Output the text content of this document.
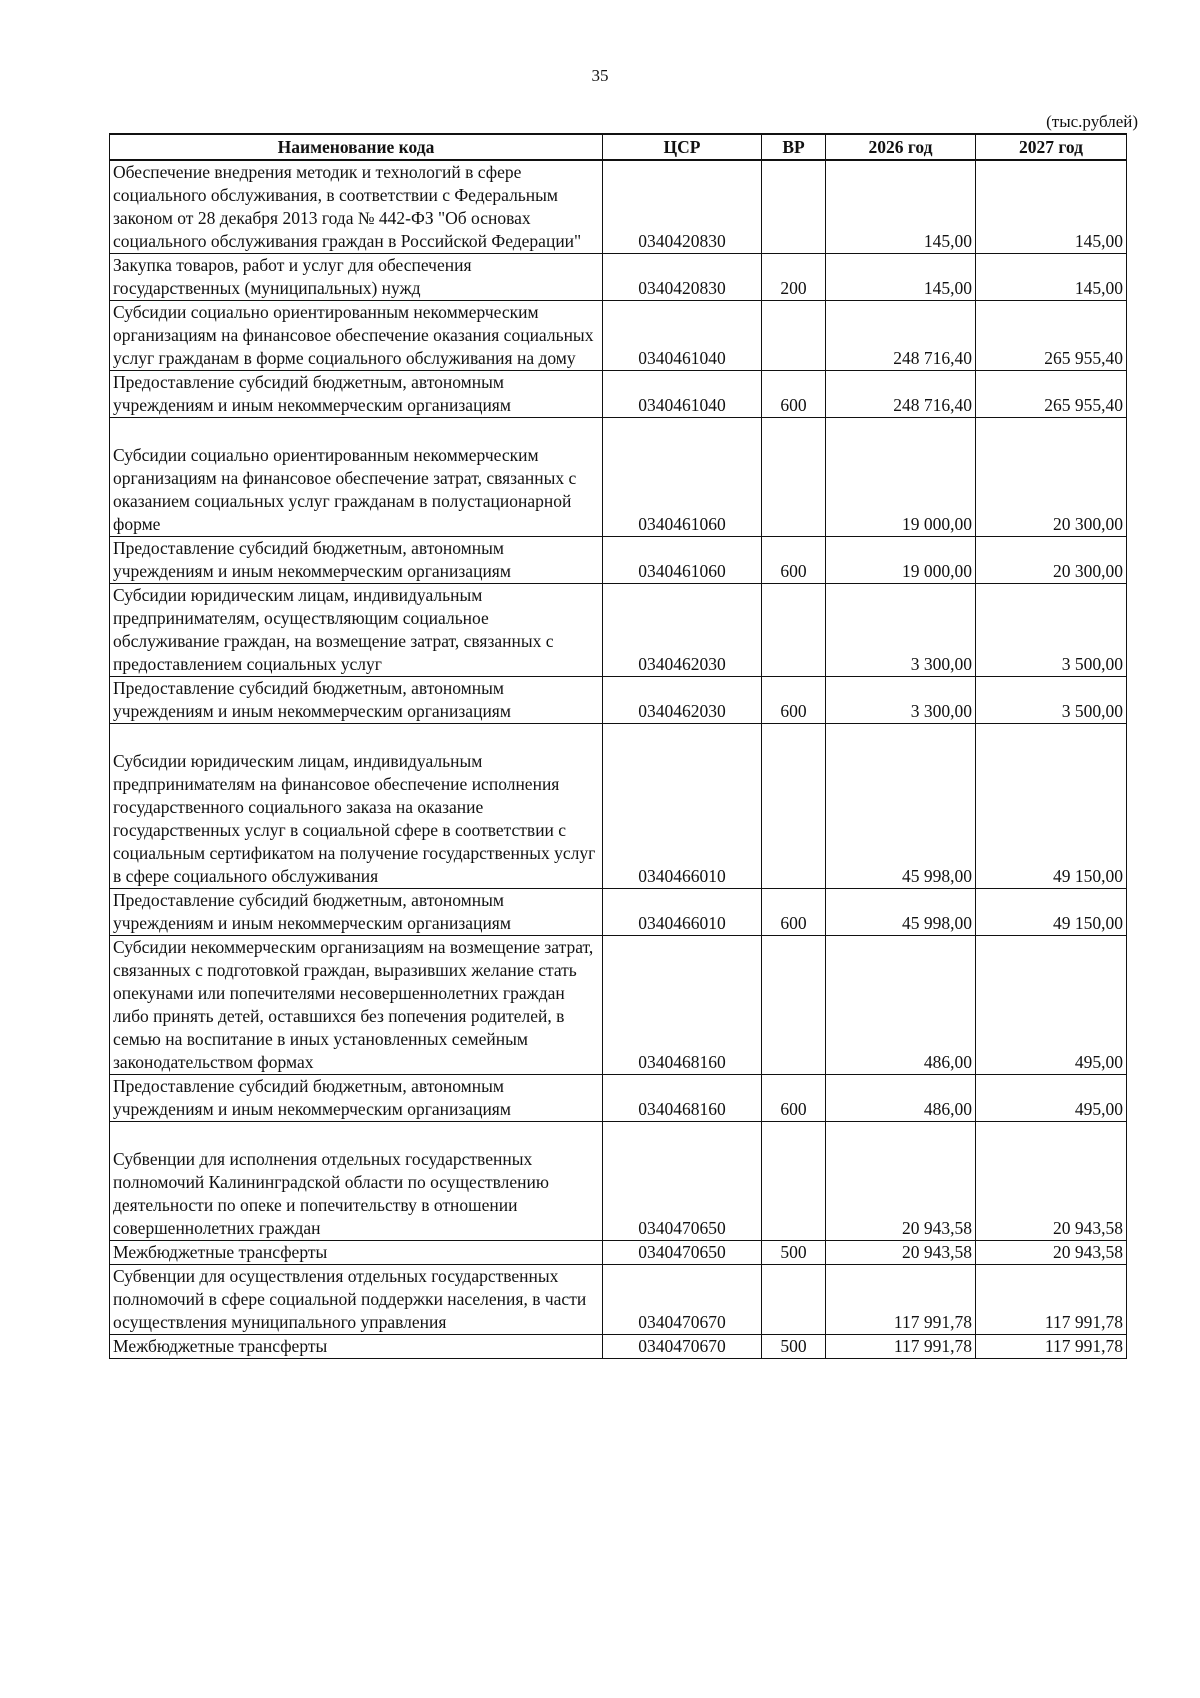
35
(тыс.рублей)
Наименование кода	ЦСР	ВР	2026 год	2027 год
Обеспечение внедрения методик и технологий в сфере социального обслуживания, в соответствии с Федеральным законом от 28 декабря 2013 года № 442-ФЗ "Об основах социального обслуживания граждан в Российской Федерации"	0340420830		145,00	145,00
Закупка товаров, работ и услуг для обеспечения государственных (муниципальных) нужд	0340420830	200	145,00	145,00
Субсидии социально ориентированным некоммерческим организациям на финансовое обеспечение оказания социальных услуг гражданам в форме социального обслуживания на дому	0340461040		248 716,40	265 955,40
Предоставление субсидий бюджетным, автономным учреждениям и иным некоммерческим организациям	0340461040	600	248 716,40	265 955,40
Субсидии социально ориентированным некоммерческим организациям на финансовое обеспечение затрат, связанных с оказанием социальных услуг гражданам в полустационарной форме	0340461060		19 000,00	20 300,00
Предоставление субсидий бюджетным, автономным учреждениям и иным некоммерческим организациям	0340461060	600	19 000,00	20 300,00
Субсидии юридическим лицам, индивидуальным предпринимателям, осуществляющим социальное обслуживание граждан, на возмещение затрат, связанных с предоставлением социальных услуг	0340462030		3 300,00	3 500,00
Предоставление субсидий бюджетным, автономным учреждениям и иным некоммерческим организациям	0340462030	600	3 300,00	3 500,00
Субсидии юридическим лицам, индивидуальным предпринимателям на финансовое обеспечение исполнения государственного социального заказа на оказание государственных услуг в социальной сфере в соответствии с социальным сертификатом на получение государственных услуг в сфере социального обслуживания	0340466010		45 998,00	49 150,00
Предоставление субсидий бюджетным, автономным учреждениям и иным некоммерческим организациям	0340466010	600	45 998,00	49 150,00
Субсидии некоммерческим организациям на возмещение затрат, связанных с подготовкой граждан, выразивших желание стать опекунами или попечителями несовершеннолетних граждан либо принять детей, оставшихся без попечения родителей, в семью на воспитание в иных установленных семейным законодательством формах	0340468160		486,00	495,00
Предоставление субсидий бюджетным, автономным учреждениям и иным некоммерческим организациям	0340468160	600	486,00	495,00
Субвенции для исполнения отдельных государственных полномочий Калининградской области по осуществлению деятельности по опеке и попечительству в отношении совершеннолетних граждан	0340470650		20 943,58	20 943,58
Межбюджетные трансферты	0340470650	500	20 943,58	20 943,58
Субвенции для осуществления отдельных государственных полномочий в сфере социальной поддержки населения, в части осуществления муниципального управления	0340470670		117 991,78	117 991,78
Межбюджетные трансферты	0340470670	500	117 991,78	117 991,78
